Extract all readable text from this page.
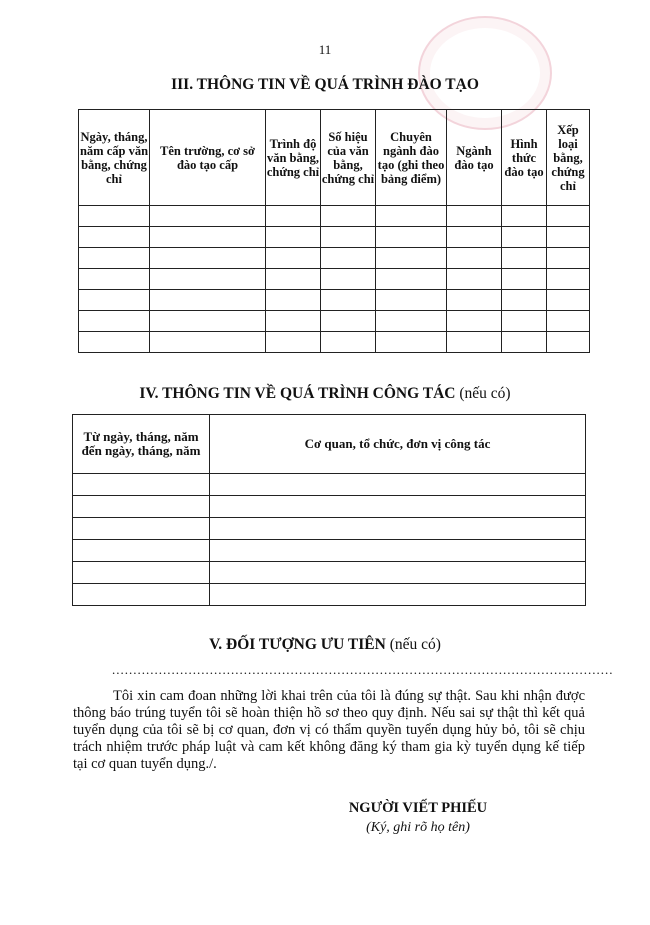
11
III. THÔNG TIN VỀ QUÁ TRÌNH ĐÀO TẠO
Ngày, tháng, năm cấp văn bằng, chứng chỉ	Tên trường, cơ sở đào tạo cấp	Trình độ văn bằng, chứng chỉ	Số hiệu của văn bằng, chứng chỉ	Chuyên ngành đào tạo (ghi theo bảng điểm)	Ngành đào tạo	Hình thức đào tạo	Xếp loại bằng, chứng chỉ

IV. THÔNG TIN VỀ QUÁ TRÌNH CÔNG TÁC (nếu có)
Từ ngày, tháng, năm đến ngày, tháng, năm	Cơ quan, tổ chức, đơn vị công tác

V. ĐỐI TƯỢNG ƯU TIÊN (nếu có)
......................................................................................................................
Tôi xin cam đoan những lời khai trên của tôi là đúng sự thật. Sau khi nhận được thông báo trúng tuyển tôi sẽ hoàn thiện hồ sơ theo quy định. Nếu sai sự thật thì kết quả tuyển dụng của tôi sẽ bị cơ quan, đơn vị có thẩm quyền tuyển dụng hủy bỏ, tôi sẽ chịu trách nhiệm trước pháp luật và cam kết không đăng ký tham gia kỳ tuyển dụng kế tiếp tại cơ quan tuyển dụng./.
NGƯỜI VIẾT PHIẾU
(Ký, ghi rõ họ tên)
